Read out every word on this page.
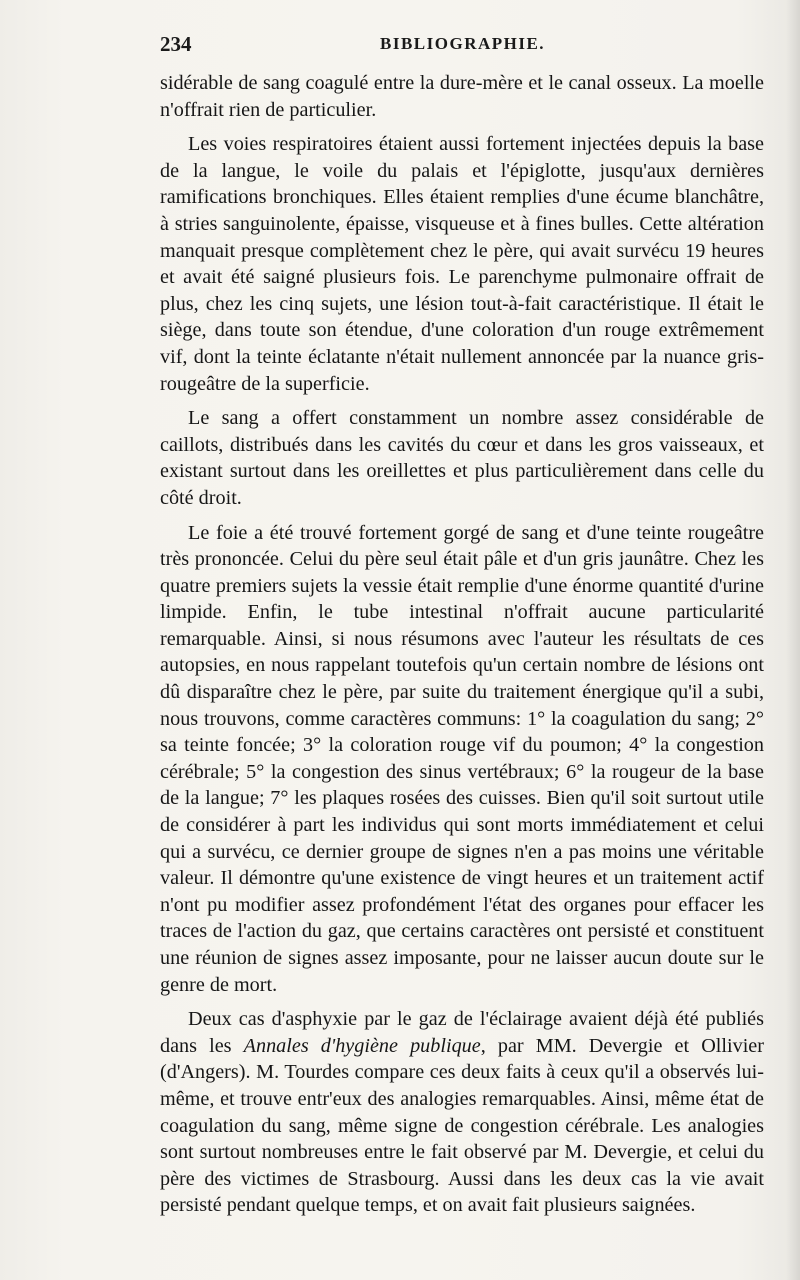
234	BIBLIOGRAPHIE.

sidérable de sang coagulé entre la dure-mère et le canal osseux. La moelle n'offrait rien de particulier.

Les voies respiratoires étaient aussi fortement injectées depuis la base de la langue, le voile du palais et l'épiglotte, jusqu'aux dernières ramifications bronchiques. Elles étaient remplies d'une écume blanchâtre, à stries sanguinolente, épaisse, visqueuse et à fines bulles. Cette altération manquait presque complètement chez le père, qui avait survécu 19 heures et avait été saigné plusieurs fois. Le parenchyme pulmonaire offrait de plus, chez les cinq sujets, une lésion tout-à-fait caractéristique. Il était le siège, dans toute son étendue, d'une coloration d'un rouge extrêmement vif, dont la teinte éclatante n'était nullement annoncée par la nuance gris-rougeâtre de la superficie.

Le sang a offert constamment un nombre assez considérable de caillots, distribués dans les cavités du cœur et dans les gros vaisseaux, et existant surtout dans les oreillettes et plus particulièrement dans celle du côté droit.

Le foie a été trouvé fortement gorgé de sang et d'une teinte rougeâtre très prononcée. Celui du père seul était pâle et d'un gris jaunâtre. Chez les quatre premiers sujets la vessie était remplie d'une énorme quantité d'urine limpide. Enfin, le tube intestinal n'offrait aucune particularité remarquable. Ainsi, si nous résumons avec l'auteur les résultats de ces autopsies, en nous rappelant toutefois qu'un certain nombre de lésions ont dû disparaître chez le père, par suite du traitement énergique qu'il a subi, nous trouvons, comme caractères communs: 1° la coagulation du sang; 2° sa teinte foncée; 3° la coloration rouge vif du poumon; 4° la congestion cérébrale; 5° la congestion des sinus vertébraux; 6° la rougeur de la base de la langue; 7° les plaques rosées des cuisses. Bien qu'il soit surtout utile de considérer à part les individus qui sont morts immédiatement et celui qui a survécu, ce dernier groupe de signes n'en a pas moins une véritable valeur. Il démontre qu'une existence de vingt heures et un traitement actif n'ont pu modifier assez profondément l'état des organes pour effacer les traces de l'action du gaz, que certains caractères ont persisté et constituent une réunion de signes assez imposante, pour ne laisser aucun doute sur le genre de mort.

Deux cas d'asphyxie par le gaz de l'éclairage avaient déjà été publiés dans les Annales d'hygiène publique, par MM. Devergie et Ollivier (d'Angers). M. Tourdes compare ces deux faits à ceux qu'il a observés lui-même, et trouve entr'eux des analogies remarquables. Ainsi, même état de coagulation du sang, même signe de congestion cérébrale. Les analogies sont surtout nombreuses entre le fait observé par M. Devergie, et celui du père des victimes de Strasbourg. Aussi dans les deux cas la vie avait persisté pendant quelque temps, et on avait fait plusieurs saignées.
